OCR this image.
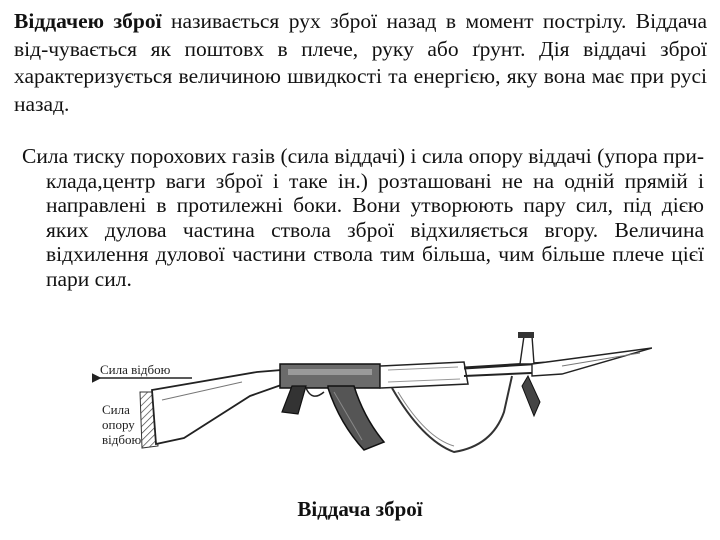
Віддачею зброї називається рух зброї назад в момент пострілу. Віддача від-чувається як поштовх в плече, руку або ґрунт. Дія віддачі зброї характеризується величиною швидкості та енергією, яку вона має при русі назад.
Сила тиску порохових газів (сила віддачі) і сила опору віддачі (упора при-клада,центр ваги зброї і таке ін.) розташовані не на одній прямій і направлені в протилежні боки. Вони утворюють пару сил, під дією яких дулова частина ствола зброї відхиляється вгору. Величина відхилення дулової частини ствола тим більша, чим більше плече цієї пари сил.
Сила відбою
Сила
опору
відбою
Віддача зброї
